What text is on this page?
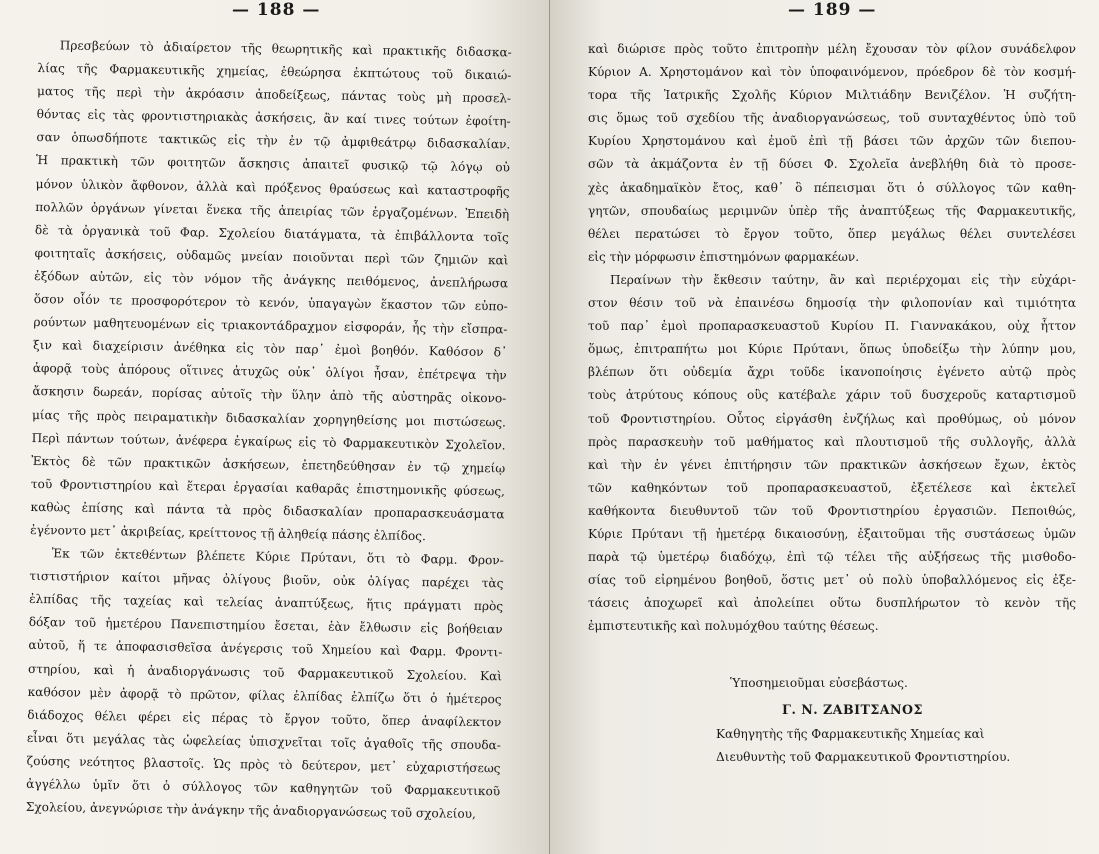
— 188 —
Πρεσβεύων τὸ ἀδιαίρετον τῆς θεωρητικῆς καὶ πρακτικῆς διδασκα-
λίας τῆς Φαρμακευτικῆς χημείας, ἐθεώρησα ἐκπτώτους τοῦ δικαιώ-
ματος τῆς περὶ τὴν ἀκρόασιν ἀποδείξεως, πάντας τοὺς μὴ προσελ-
θόντας εἰς τὰς φροντιστηριακὰς ἀσκήσεις, ἂν καί τινες τούτων ἐφοίτη-
σαν ὁπωσδήποτε τακτικῶς εἰς τὴν ἐν τῷ ἀμφιθεάτρῳ διδασκαλίαν.
Ἡ πρακτικὴ τῶν φοιτητῶν ἄσκησις ἀπαιτεῖ φυσικῷ τῷ λόγῳ οὐ
μόνον ὑλικὸν ἄφθονον, ἀλλὰ καὶ πρόξενος θραύσεως καὶ καταστροφῆς
πολλῶν ὀργάνων γίνεται ἕνεκα τῆς ἀπειρίας τῶν ἐργαζομένων. Ἐπειδὴ
δὲ τὰ ὀργανικὰ τοῦ Φαρ. Σχολείου διατάγματα, τὰ ἐπιβάλλοντα τοῖς
φοιτηταῖς ἀσκήσεις, οὐδαμῶς μνείαν ποιοῦνται περὶ τῶν ζημιῶν καὶ
ἐξόδων αὐτῶν, εἰς τὸν νόμον τῆς ἀνάγκης πειθόμενος, ἀνεπλήρωσα
ὅσον οἷόν τε προσφορότερον τὸ κενόν, ὑπαγαγὼν ἕκαστον τῶν εὐπο-
ρούντων μαθητευομένων εἰς τριακοντάδραχμον εἰσφοράν, ἧς τὴν εἴσπρα-
ξιν καὶ διαχείρισιν ἀνέθηκα εἰς τὸν παρ᾽ ἐμοὶ βοηθόν. Καθόσον δ᾽
ἀφορᾷ τοὺς ἀπόρους οἵτινες ἀτυχῶς οὐκ᾽ ὀλίγοι ἦσαν, ἐπέτρεψα τὴν
ἄσκησιν δωρεάν, πορίσας αὐτοῖς τὴν ὕλην ἀπὸ τῆς αὐστηρᾶς οἰκονο-
μίας τῆς πρὸς πειραματικὴν διδασκαλίαν χορηγηθείσης μοι πιστώσεως.
Περὶ πάντων τούτων, ἀνέφερα ἐγκαίρως εἰς τὸ Φαρμακευτικὸν Σχολεῖον.
Ἐκτὸς δὲ τῶν πρακτικῶν ἀσκήσεων, ἐπετηδεύθησαν ἐν τῷ χημείῳ
τοῦ Φροντιστηρίου καὶ ἕτεραι ἐργασίαι καθαρᾶς ἐπιστημονικῆς φύσεως,
καθὼς ἐπίσης καὶ πάντα τὰ πρὸς διδασκαλίαν προπαρασκευάσματα
ἐγένοντο μετ᾽ ἀκριβείας, κρείττονος τῇ ἀληθείᾳ πάσης ἐλπίδος.
Ἐκ τῶν ἐκτεθέντων βλέπετε Κύριε Πρύτανι, ὅτι τὸ Φαρμ. Φρον-
τιστιστήριον καίτοι μῆνας ὀλίγους βιοῦν, οὐκ ὀλίγας παρέχει τὰς
ἐλπίδας τῆς ταχείας καὶ τελείας ἀναπτύξεως, ἥτις πράγματι πρὸς
δόξαν τοῦ ἡμετέρου Πανεπιστημίου ἔσεται, ἐὰν ἔλθωσιν εἰς βοήθειαν
αὐτοῦ, ἥ τε ἀποφασισθεῖσα ἀνέγερσις τοῦ Χημείου καὶ Φαρμ. Φροντι-
στηρίου, καὶ ἡ ἀναδιοργάνωσις τοῦ Φαρμακευτικοῦ Σχολείου. Καὶ
καθόσον μὲν ἀφορᾷ τὸ πρῶτον, φίλας ἐλπίδας ἐλπίζω ὅτι ὁ ἡμέτερος
διάδοχος θέλει φέρει εἰς πέρας τὸ ἔργον τοῦτο, ὅπερ ἀναφίλεκτον
εἶναι ὅτι μεγάλας τὰς ὠφελείας ὑπισχνεῖται τοῖς ἀγαθοῖς τῆς σπουδα-
ζούσης νεότητος βλαστοῖς. Ὡς πρὸς τὸ δεύτερον, μετ᾽ εὐχαριστήσεως
ἀγγέλλω ὑμῖν ὅτι ὁ σύλλογος τῶν καθηγητῶν τοῦ Φαρμακευτικοῦ
Σχολείου, ἀνεγνώρισε τὴν ἀνάγκην τῆς ἀναδιοργανώσεως τοῦ σχολείου,
— 189 —
καὶ διώρισε πρὸς τοῦτο ἐπιτροπὴν μέλη ἔχουσαν τὸν φίλον συνάδελφον
Κύριον Α. Χρηστομάνον καὶ τὸν ὑποφαινόμενον, πρόεδρον δὲ τὸν κοσμή-
τορα τῆς Ἰατρικῆς Σχολῆς Κύριον Μιλτιάδην Βενιζέλον. Ἡ συζήτη-
σις ὅμως τοῦ σχεδίου τῆς ἀναδιοργανώσεως, τοῦ συνταχθέντος ὑπὸ τοῦ
Κυρίου Χρηστομάνου καὶ ἐμοῦ ἐπὶ τῇ βάσει τῶν ἀρχῶν τῶν διεπου-
σῶν τὰ ἀκμάζοντα ἐν τῇ δύσει Φ. Σχολεῖα ἀνεβλήθη διὰ τὸ προσε-
χὲς ἀκαδημαϊκὸν ἔτος, καθ᾽ ὃ πέπεισμαι ὅτι ὁ σύλλογος τῶν καθη-
γητῶν, σπουδαίως μεριμνῶν ὑπὲρ τῆς ἀναπτύξεως τῆς Φαρμακευτικῆς,
θέλει περατώσει τὸ ἔργον τοῦτο, ὅπερ μεγάλως θέλει συντελέσει
εἰς τὴν μόρφωσιν ἐπιστημόνων φαρμακέων.
Περαίνων τὴν ἔκθεσιν ταύτην, ἂν καὶ περιέρχομαι εἰς τὴν εὐχάρι-
στον θέσιν τοῦ νὰ ἐπαινέσω δημοσίᾳ τὴν φιλοπονίαν καὶ τιμιότητα
τοῦ παρ᾽ ἐμοὶ προπαρασκευαστοῦ Κυρίου Π. Γιαννακάκου, οὐχ ἧττον
ὅμως, ἐπιτραπήτω μοι Κύριε Πρύτανι, ὅπως ὑποδείξω τὴν λύπην μου,
βλέπων ὅτι οὐδεμία ἄχρι τοῦδε ἱκανοποίησις ἐγένετο αὐτῷ πρὸς
τοὺς ἀτρύτους κόπους οὓς κατέβαλε χάριν τοῦ δυσχεροῦς καταρτισμοῦ
τοῦ Φροντιστηρίου. Οὗτος εἰργάσθη ἐνζήλως καὶ προθύμως, οὐ μόνον
πρὸς παρασκευὴν τοῦ μαθήματος καὶ πλουτισμοῦ τῆς συλλογῆς, ἀλλὰ
καὶ τὴν ἐν γένει ἐπιτήρησιν τῶν πρακτικῶν ἀσκήσεων ἔχων, ἐκτὸς
τῶν καθηκόντων τοῦ προπαρασκευαστοῦ, ἐξετέλεσε καὶ ἐκτελεῖ
καθήκοντα διευθυντοῦ τῶν τοῦ Φροντιστηρίου ἐργασιῶν. Πεποιθώς,
Κύριε Πρύτανι τῇ ἡμετέρᾳ δικαιοσύνῃ, ἐξαιτοῦμαι τῆς συστάσεως ὑμῶν
παρὰ τῷ ὑμετέρῳ διαδόχῳ, ἐπὶ τῷ τέλει τῆς αὐξήσεως τῆς μισθοδο-
σίας τοῦ εἰρημένου βοηθοῦ, ὅστις μετ᾽ οὐ πολὺ ὑποβαλλόμενος εἰς ἐξε-
τάσεις ἀποχωρεῖ καὶ ἀπολείπει οὕτω δυσπλήρωτον τὸ κενὸν τῆς
ἐμπιστευτικῆς καὶ πολυμόχθου ταύτης θέσεως.
Ὑποσημειοῦμαι εὐσεβάστως.
Γ. Ν. ΖΑΒΙΤΣΑΝΟΣ
Καθηγητὴς τῆς Φαρμακευτικῆς Χημείας καὶ
Διευθυντὴς τοῦ Φαρμακευτικοῦ Φροντιστηρίου.
